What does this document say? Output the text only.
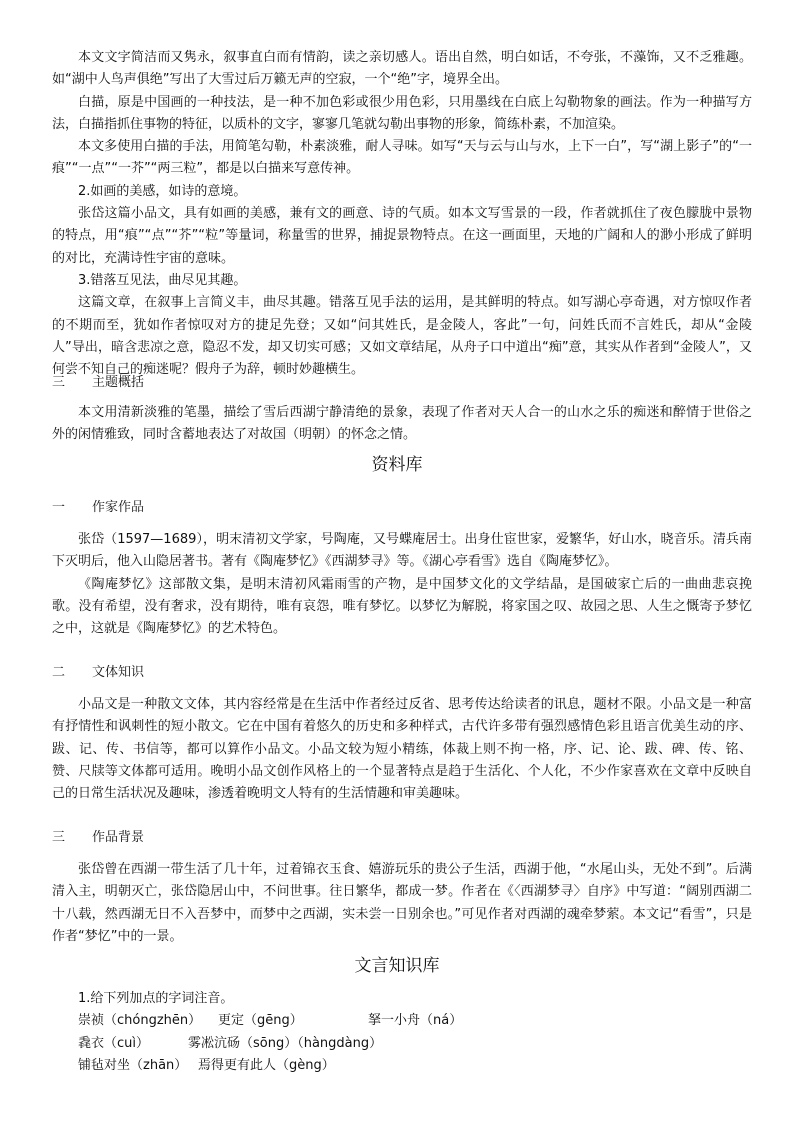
本文文字简洁而又隽永，叙事直白而有情韵，读之亲切感人。语出自然，明白如话，不夸张，不藻饰，又不乏雅趣。如“湖中人鸟声俱绝”写出了大雪过后万籁无声的空寂，一个“绝”字，境界全出。

白描，原是中国画的一种技法，是一种不加色彩或很少用色彩，只用墨线在白底上勾勒物象的画法。作为一种描写方法，白描指抓住事物的特征，以质朴的文字，寥寥几笔就勾勒出事物的形象，简练朴素，不加渲染。

本文多使用白描的手法，用简笔勾勒，朴素淡雅，耐人寻味。如写“天与云与山与水，上下一白”，写“湖上影子”的“一痕”“一点”“一芥”“两三粒”，都是以白描来写意传神。

2.如画的美感，如诗的意境。

张岱这篇小品文，具有如画的美感，兼有文的画意、诗的气质。如本文写雪景的一段，作者就抓住了夜色朦胧中景物的特点，用“痕”“点”“芥”“粒”等量词，称量雪的世界，捕捉景物特点。在这一画面里，天地的广阔和人的渺小形成了鲜明的对比，充满诗性宇宙的意味。

3.错落互见法，曲尽见其趣。

这篇文章，在叙事上言简义丰，曲尽其趣。错落互见手法的运用，是其鲜明的特点。如写湖心亭奇遇，对方惊叹作者的不期而至，犹如作者惊叹对方的捷足先登；又如“问其姓氏，是金陵人，客此”一句，问姓氏而不言姓氏，却从“金陵人”导出，暗含悲凉之意，隐忍不发，却又切实可感；又如文章结尾，从舟子口中道出“痴”意，其实从作者到“金陵人”，又何尝不知自己的痴迷呢？假舟子为辞，顿时妙趣横生。

三 主题概括

本文用清新淡雅的笔墨，描绘了雪后西湖宁静清绝的景象，表现了作者对天人合一的山水之乐的痴迷和醉情于世俗之外的闲情雅致，同时含蓄地表达了对故国（明朝）的怀念之情。

资料库

一 作家作品

张岱（1597—1689），明末清初文学家，号陶庵，又号蝶庵居士。出身仕宦世家，爱繁华，好山水，晓音乐。清兵南下灭明后，他入山隐居著书。著有《陶庵梦忆》《西湖梦寻》等。《湖心亭看雪》选自《陶庵梦忆》。

《陶庵梦忆》这部散文集，是明末清初风霜雨雪的产物，是中国梦文化的文学结晶，是国破家亡后的一曲曲悲哀挽歌。没有希望，没有奢求，没有期待，唯有哀怨，唯有梦忆。以梦忆为解脱，将家国之叹、故园之思、人生之慨寄予梦忆之中，这就是《陶庵梦忆》的艺术特色。

二 文体知识

小品文是一种散文文体，其内容经常是在生活中作者经过反省、思考传达给读者的讯息，题材不限。小品文是一种富有抒情性和讽刺性的短小散文。它在中国有着悠久的历史和多种样式，古代许多带有强烈感情色彩且语言优美生动的序、跋、记、传、书信等，都可以算作小品文。小品文较为短小精练，体裁上则不拘一格，序、记、论、跋、碑、传、铭、赞、尺牍等文体都可适用。晚明小品文创作风格上的一个显著特点是趋于生活化、个人化，不少作家喜欢在文章中反映自己的日常生活状况及趣味，渗透着晚明文人特有的生活情趣和审美趣味。

三 作品背景

张岱曾在西湖一带生活了几十年，过着锦衣玉食、嬉游玩乐的贵公子生活，西湖于他，“水尾山头，无处不到”。后满清入主，明朝灭亡，张岱隐居山中，不问世事。往日繁华，都成一梦。作者在《〈西湖梦寻〉自序》中写道：“阔别西湖二十八载，然西湖无日不入吾梦中，而梦中之西湖，实未尝一日别余也。”可见作者对西湖的魂牵梦萦。本文记“看雪”，只是作者“梦忆”中的一景。

文言知识库

1.给下列加点的字词注音。

崇祯（chóngzhēn） 更定（gēng）	拏一小舟（ná）

毳衣（cuì）	雾凇沆砀（sōng）（hàngdàng）

铺毡对坐（zhān） 焉得更有此人（gèng）
